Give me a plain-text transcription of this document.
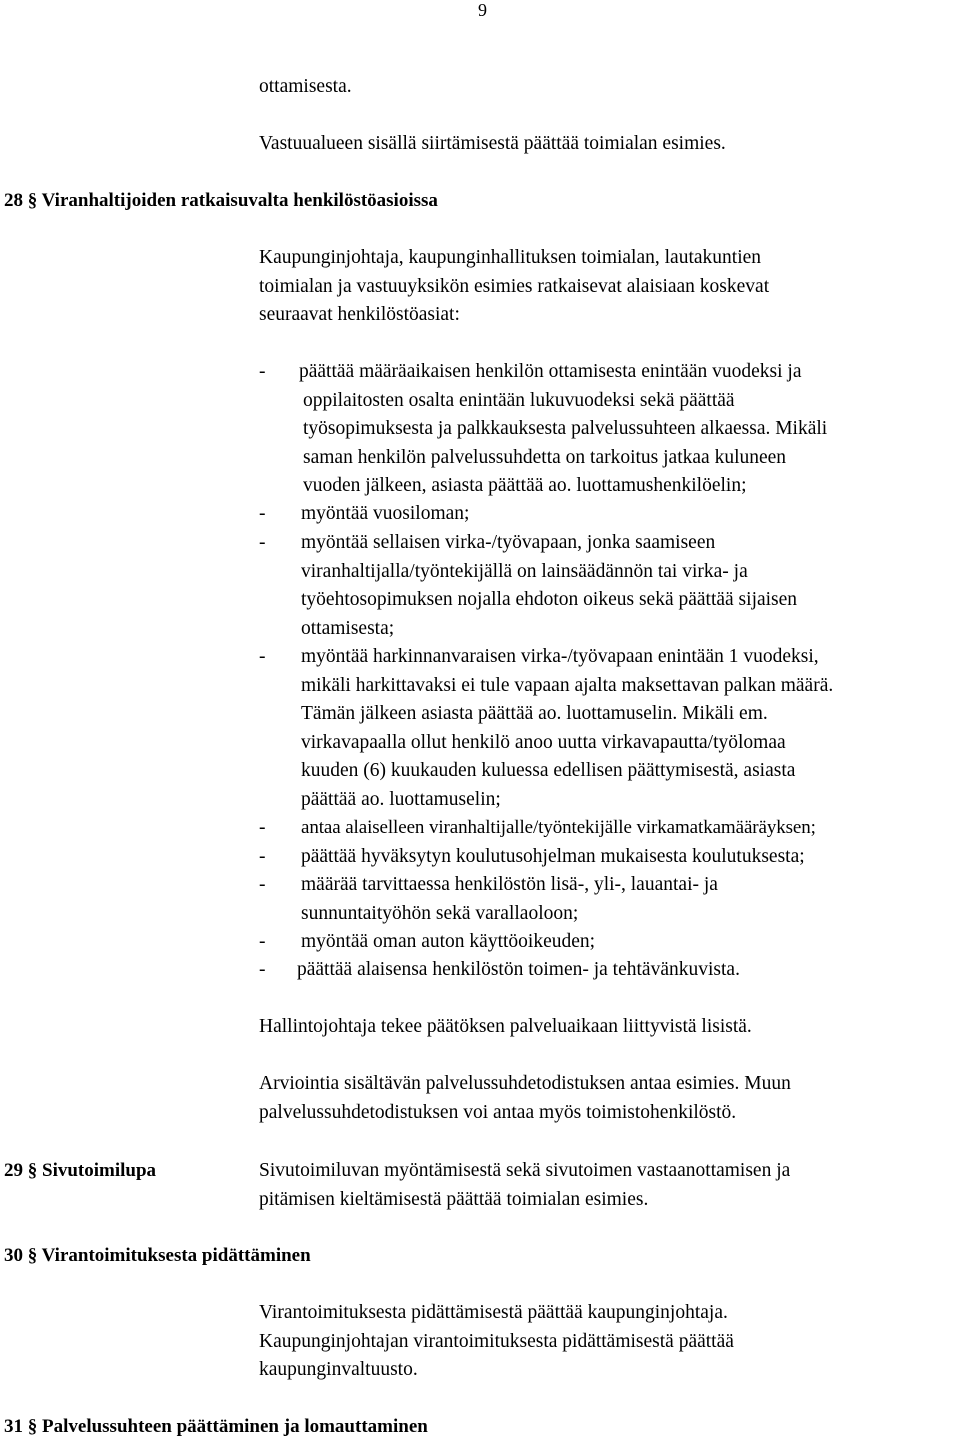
9
ottamisesta.
Vastuualueen sisällä siirtämisestä päättää toimialan esimies.
28 § Viranhaltijoiden ratkaisuvalta henkilöstöasioissa
Kaupunginjohtaja, kaupunginhallituksen toimialan, lautakuntien
toimialan ja vastuuyksikön esimies ratkaisevat alaisiaan koskevat
seuraavat henkilöstöasiat:
- päättää määräaikaisen henkilön ottamisesta enintään vuodeksi ja
oppilaitosten osalta enintään lukuvuodeksi sekä päättää
työsopimuksesta ja palkkauksesta palvelussuhteen alkaessa. Mikäli
saman henkilön palvelussuhdetta on tarkoitus jatkaa kuluneen
vuoden jälkeen, asiasta päättää ao. luottamushenkilöelin;
- myöntää vuosiloman;
- myöntää sellaisen virka-/työvapaan, jonka saamiseen
viranhaltijalla/työntekijällä on lainsäädännön tai virka- ja
työehtosopimuksen nojalla ehdoton oikeus sekä päättää sijaisen
ottamisesta;
- myöntää harkinnanvaraisen virka-/työvapaan enintään 1 vuodeksi,
mikäli harkittavaksi ei tule vapaan ajalta maksettavan palkan määrä.
Tämän jälkeen asiasta päättää ao. luottamuselin. Mikäli em.
virkavapaalla ollut henkilö anoo uutta virkavapautta/työlomaa
kuuden (6) kuukauden kuluessa edellisen päättymisestä, asiasta
päättää ao. luottamuselin;
- antaa alaiselleen viranhaltijalle/työntekijälle virkamatkamääräyksen;
- päättää hyväksytyn koulutusohjelman mukaisesta koulutuksesta;
- määrää tarvittaessa henkilöstön lisä-, yli-, lauantai- ja
sunnuntaityöhön sekä varallaoloon;
- myöntää oman auton käyttöoikeuden;
- päättää alaisensa henkilöstön toimen- ja tehtävänkuvista.
Hallintojohtaja tekee päätöksen palveluaikaan liittyvistä lisistä.
Arviointia sisältävän palvelussuhdetodistuksen antaa esimies. Muun
palvelussuhdetodistuksen voi antaa myös toimistohenkilöstö.
29 § Sivutoimilupa	Sivutoimiluvan myöntämisestä sekä sivutoimen vastaanottamisen ja
pitämisen kieltämisestä päättää toimialan esimies.
30 § Virantoimituksesta pidättäminen
Virantoimituksesta pidättämisestä päättää kaupunginjohtaja.
Kaupunginjohtajan virantoimituksesta pidättämisestä päättää
kaupunginvaltuusto.
31 § Palvelussuhteen päättäminen ja lomauttaminen
